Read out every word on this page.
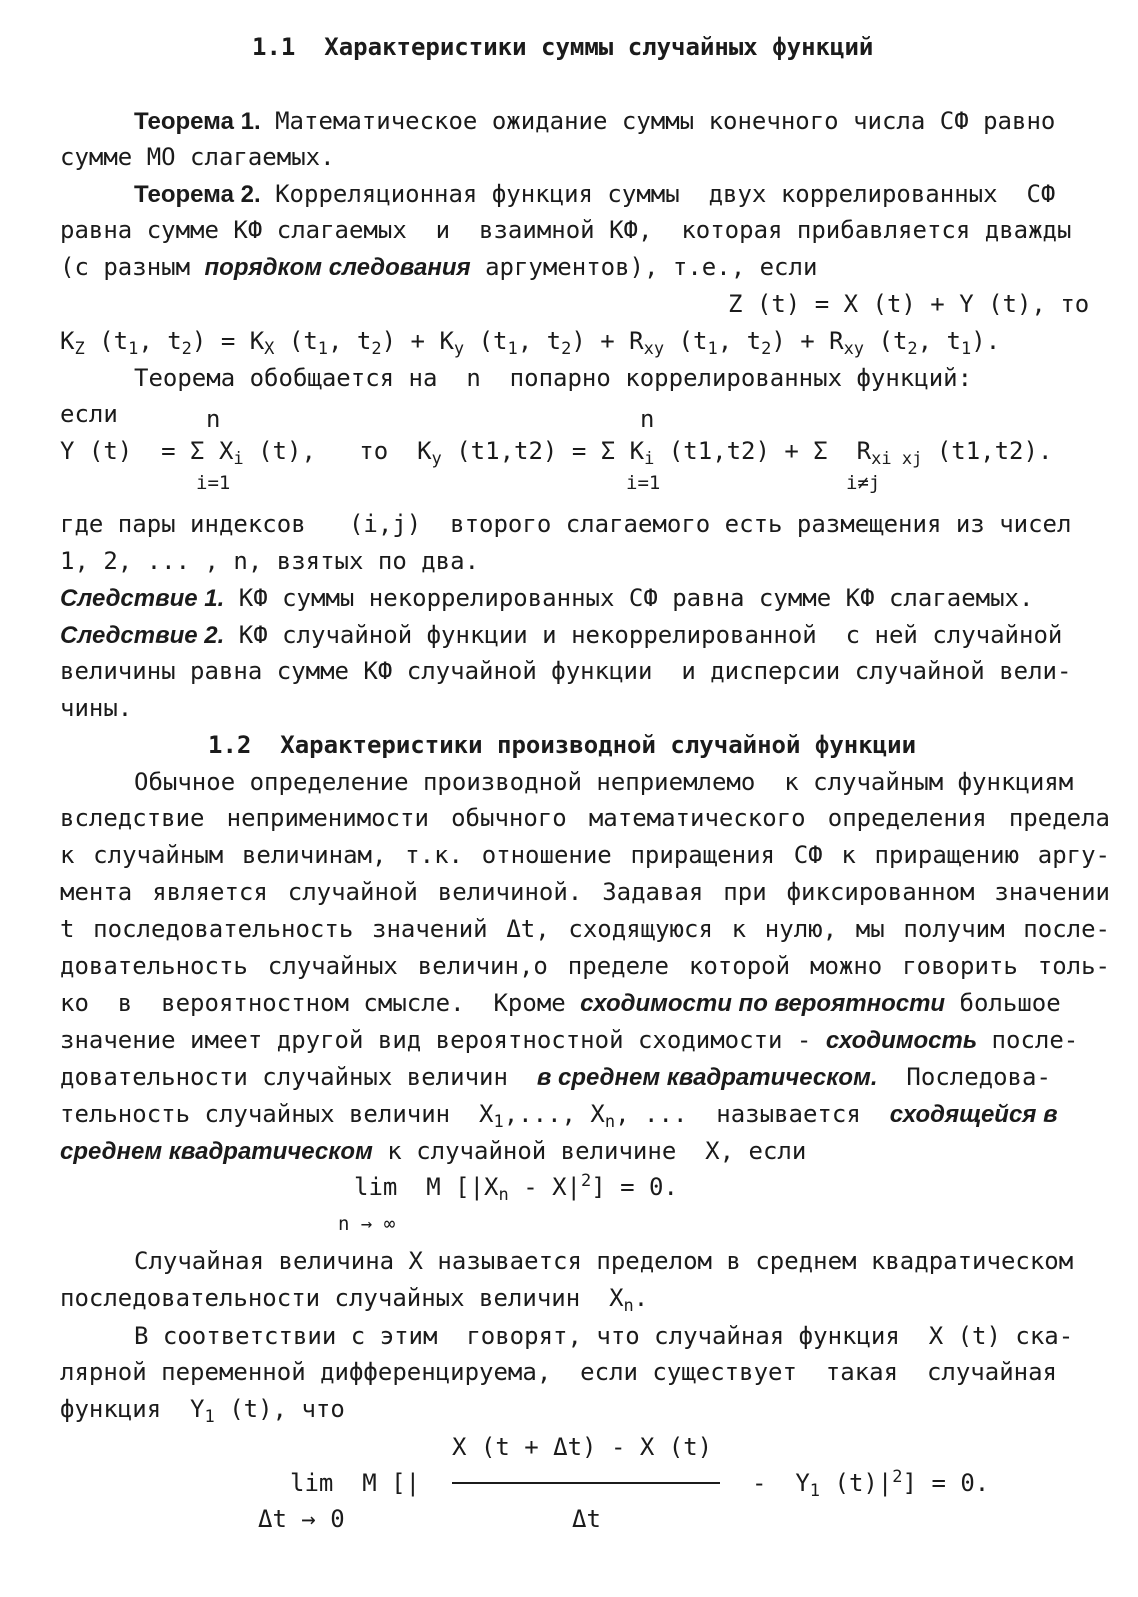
1.1 Характеристики суммы случайных функций
Теорема 1. Математическое ожидание суммы конечного числа СФ равно
сумме МО слагаемых.
Теорема 2. Корреляционная функция суммы  двух коррелированных  СФ
равна сумме КФ слагаемых  и  взаимной КФ,  которая прибавляется дважды
(с разным порядком следования аргументов), т.е., если
Z (t) = X (t) + Y (t), то
$K_Z$ ($t_1$, $t_2) = K_X$ ($t_1$, $t_2) + K_y$ ($t_1$, $t_2) + R_{xy}$ ($t_1$, $t_2) + R_{xy}$ ($t_2$, $t_1$).
Теорема обобщается на  n  попарно коррелированных функций:
если	n	n
Y (t)  = Σ $X_i$ (t), то $K_y$ (t1,t2) = Σ $K_i$ (t1,t2) + Σ $R_{xi xj}$ (t1,t2).
i=1	i=1	i≠j
где пары индексов   (i,j)  второго слагаемого есть размещения из чисел
1, 2, ... , n, взятых по два.
Следствие 1. КФ суммы некоррелированных СФ равна сумме КФ слагаемых.
Следствие 2. КФ случайной функции и некоррелированной  с ней случайной
величины равна сумме КФ случайной функции  и дисперсии случайной вели-
чины.
1.2 Характеристики производной случайной функции
Обычное определение производной неприемлемо  к случайным функциям
вследствие неприменимости обычного математического определения предела
к случайным величинам, т.к. отношение приращения СФ к приращению аргу-
мента является случайной величиной. Задавая при фиксированном значении
t последовательность значений Δt, сходящуюся к нулю, мы получим после-
довательность случайных величин,о пределе которой можно говорить толь-
ко  в  вероятностном смысле.  Кроме сходимости по вероятности большое
значение имеет другой вид вероятностной сходимости - сходимость после-
довательности случайных величин  в среднем квадратическом.  Последова-
тельность случайных величин  $X_1$,..., $X_n$, ...  называется  сходящейся в
среднем квадратическом к случайной величине  X, если
lim  M $[|X_n - X|^2] = 0$.
n → ∞
Случайная величина X называется пределом в среднем квадратическом
последовательности случайных величин  $X_n$.
В соответствии с этим  говорят, что случайная функция  X (t) ска-
лярной переменной дифференцируема,  если существует  такая  случайная
функция  $Y_1$ (t), что
X (t + Δt) - X (t)
lim  M [|	-  $Y_1$ $(t)|^2] = 0$.
Δt → 0	Δt
